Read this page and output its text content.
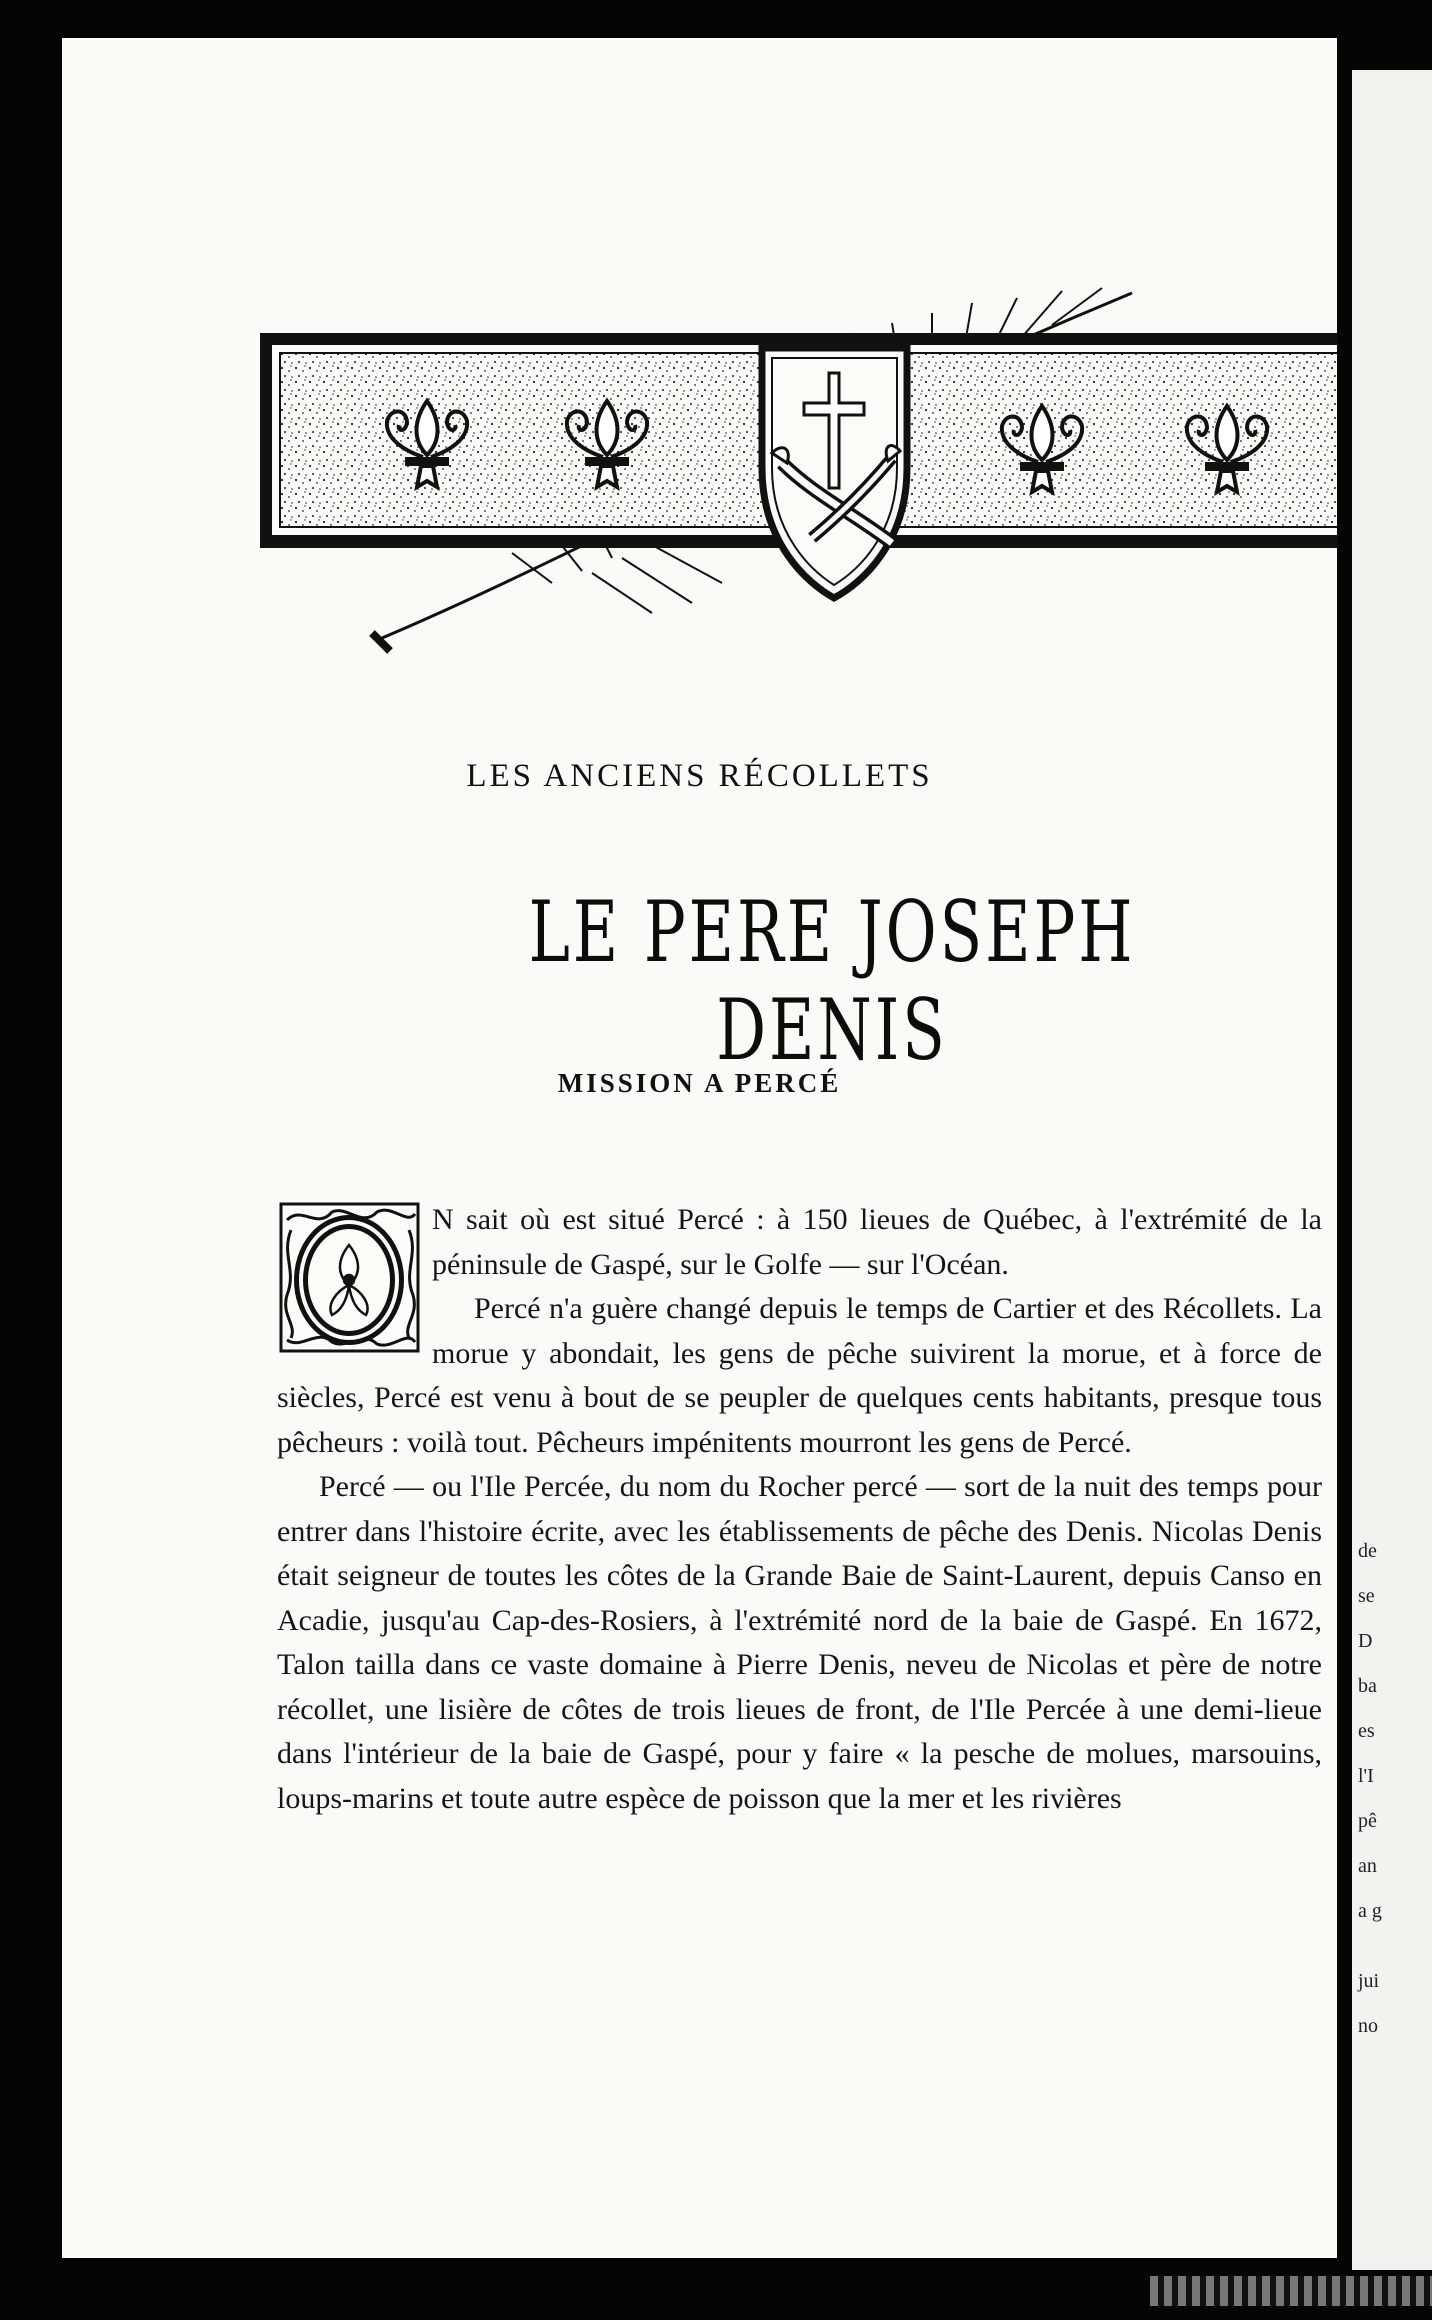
LES ANCIENS RÉCOLLETS
LE PERE JOSEPH DENIS
MISSION A PERCÉ
O

N sait où est situé Percé : à 150 lieues de Québec, à l'extrémité de la péninsule de Gaspé, sur le Golfe — sur l'Océan.

Percé n'a guère changé depuis le temps de Cartier et des Récollets. La morue y abondait, les gens de pêche suivirent la morue, et à force de siècles, Percé est venu à bout de se peupler de quelques cents habitants, presque tous pêcheurs : voilà tout. Pêcheurs impénitents mourront les gens de Percé.

Percé — ou l'Ile Percée, du nom du Rocher percé — sort de la nuit des temps pour entrer dans l'histoire écrite, avec les établissements de pêche des Denis. Nicolas Denis était seigneur de toutes les côtes de la Grande Baie de Saint-Laurent, depuis Canso en Acadie, jusqu'au Cap-des-Rosiers, à l'extrémité nord de la baie de Gaspé. En 1672, Talon tailla dans ce vaste domaine à Pierre Denis, neveu de Nicolas et père de notre récollet, une lisière de côtes de trois lieues de front, de l'Ile Percée à une demi-lieue dans l'intérieur de la baie de Gaspé, pour y faire « la pesche de molues, marsouins, loups-marins et toute autre espèce de poisson que la mer et les rivières

de
se
D
ba
es
l'I
pê
an
a g
jui
no
